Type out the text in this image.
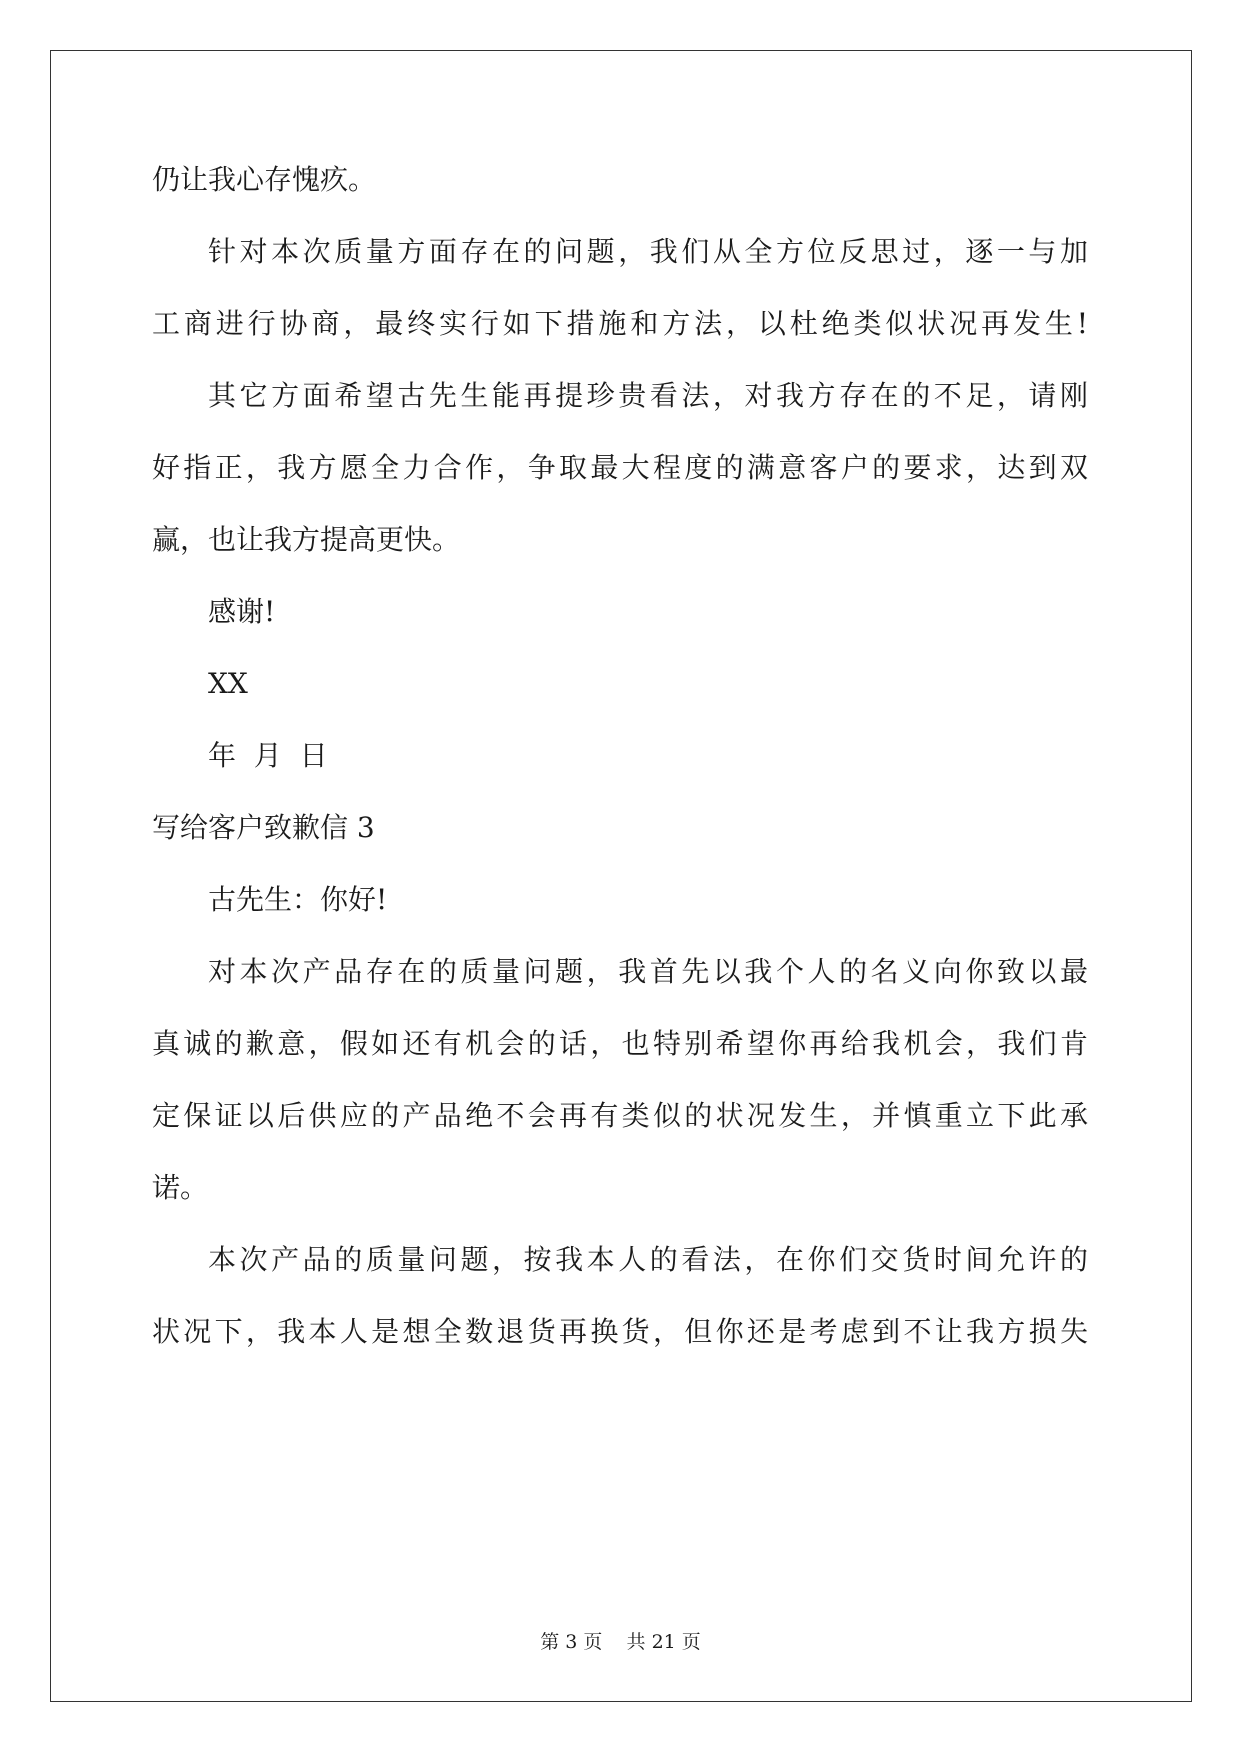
仍让我心存愧疚。
针对本次质量方面存在的问题，我们从全方位反思过，逐一与加
工商进行协商，最终实行如下措施和方法，以杜绝类似状况再发生!
其它方面希望古先生能再提珍贵看法，对我方存在的不足，请刚
好指正，我方愿全力合作，争取最大程度的满意客户的要求，达到双
赢，也让我方提高更快。
感谢!
XX
年  月  日
写给客户致歉信 3
古先生：你好!
对本次产品存在的质量问题，我首先以我个人的名义向你致以最
真诚的歉意，假如还有机会的话，也特别希望你再给我机会，我们肯
定保证以后供应的产品绝不会再有类似的状况发生，并慎重立下此承
诺。
本次产品的质量问题，按我本人的看法，在你们交货时间允许的
状况下，我本人是想全数退货再换货，但你还是考虑到不让我方损失
第 3 页    共 21 页
